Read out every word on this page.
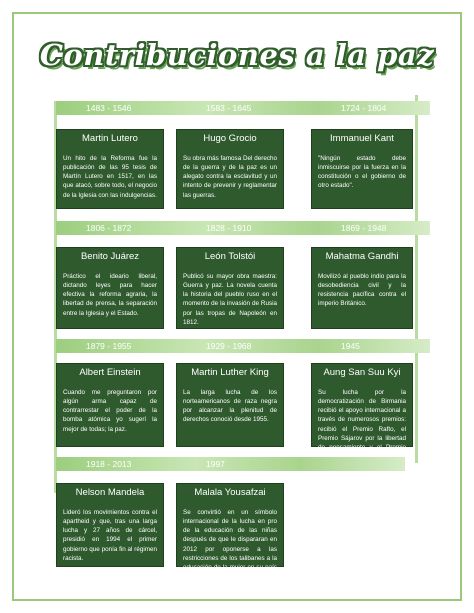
Contribuciones a la paz
1483 - 1546	1583 - 1645	1724 - 1804
Martin Lutero
Un hito de la Reforma fue la publicación de las 95 tesis de Martín Lutero en 1517, en las que atacó, sobre todo, el negocio de la Iglesia con las indulgencias.
Hugo Grocio
Su obra más famosa Del derecho de la guerra y de la paz es un alegato contra la esclavitud y un intento de prevenir y reglamentar las guerras.
Immanuel Kant
"Ningún estado debe inmiscuirse por la fuerza en la constitución o el gobierno de otro estado".
1806 - 1872	1828 - 1910	1869 - 1948
Benito Juárez
Práctico el ideario liberal, dictando leyes para hacer efectiva la reforma agraria, la libertad de prensa, la separación entre la Iglesia y el Estado.
León Tolstói
Publicó su mayor obra maestra: Guerra y paz. La novela cuenta la historia del pueblo ruso en el momento de la invasión de Rusia por las tropas de Napoleón en 1812.
Mahatma Gandhi
Movilizó al pueblo indio para la desobediencia civil y la resistencia pacífica contra el imperio Británico.
1879 - 1955	1929 - 1968	1945
Albert Einstein
Cuando me preguntaron por algún arma capaz de contrarrestar el poder de la bomba atómica yo sugerí la mejor de todas; la paz.
Martin Luther King
La larga lucha de los norteamericanos de raza negra por alcanzar la plenitud de derechos conoció desde 1955.
Aung San Suu Kyi
Su lucha por la democratización de Birmania recibió el apoyo internacional a través de numerosos premios: recibió el Premio Rafto, el Premio Sájarov por la libertad de pensamiento y el Premio
1918 - 2013	1997
Nelson Mandela
Lideró los movimientos contra el apartheid y que, tras una larga lucha y 27 años de cárcel, presidió en 1994 el primer gobierno que ponía fin al régimen racista.
Malala Yousafzai
Se convirtió en un símbolo internacional de la lucha en pro de la educación de las niñas después de que le dispararan en 2012 por oponerse a las restricciones de los talibanes a la educación de la mujer en su país natal.
